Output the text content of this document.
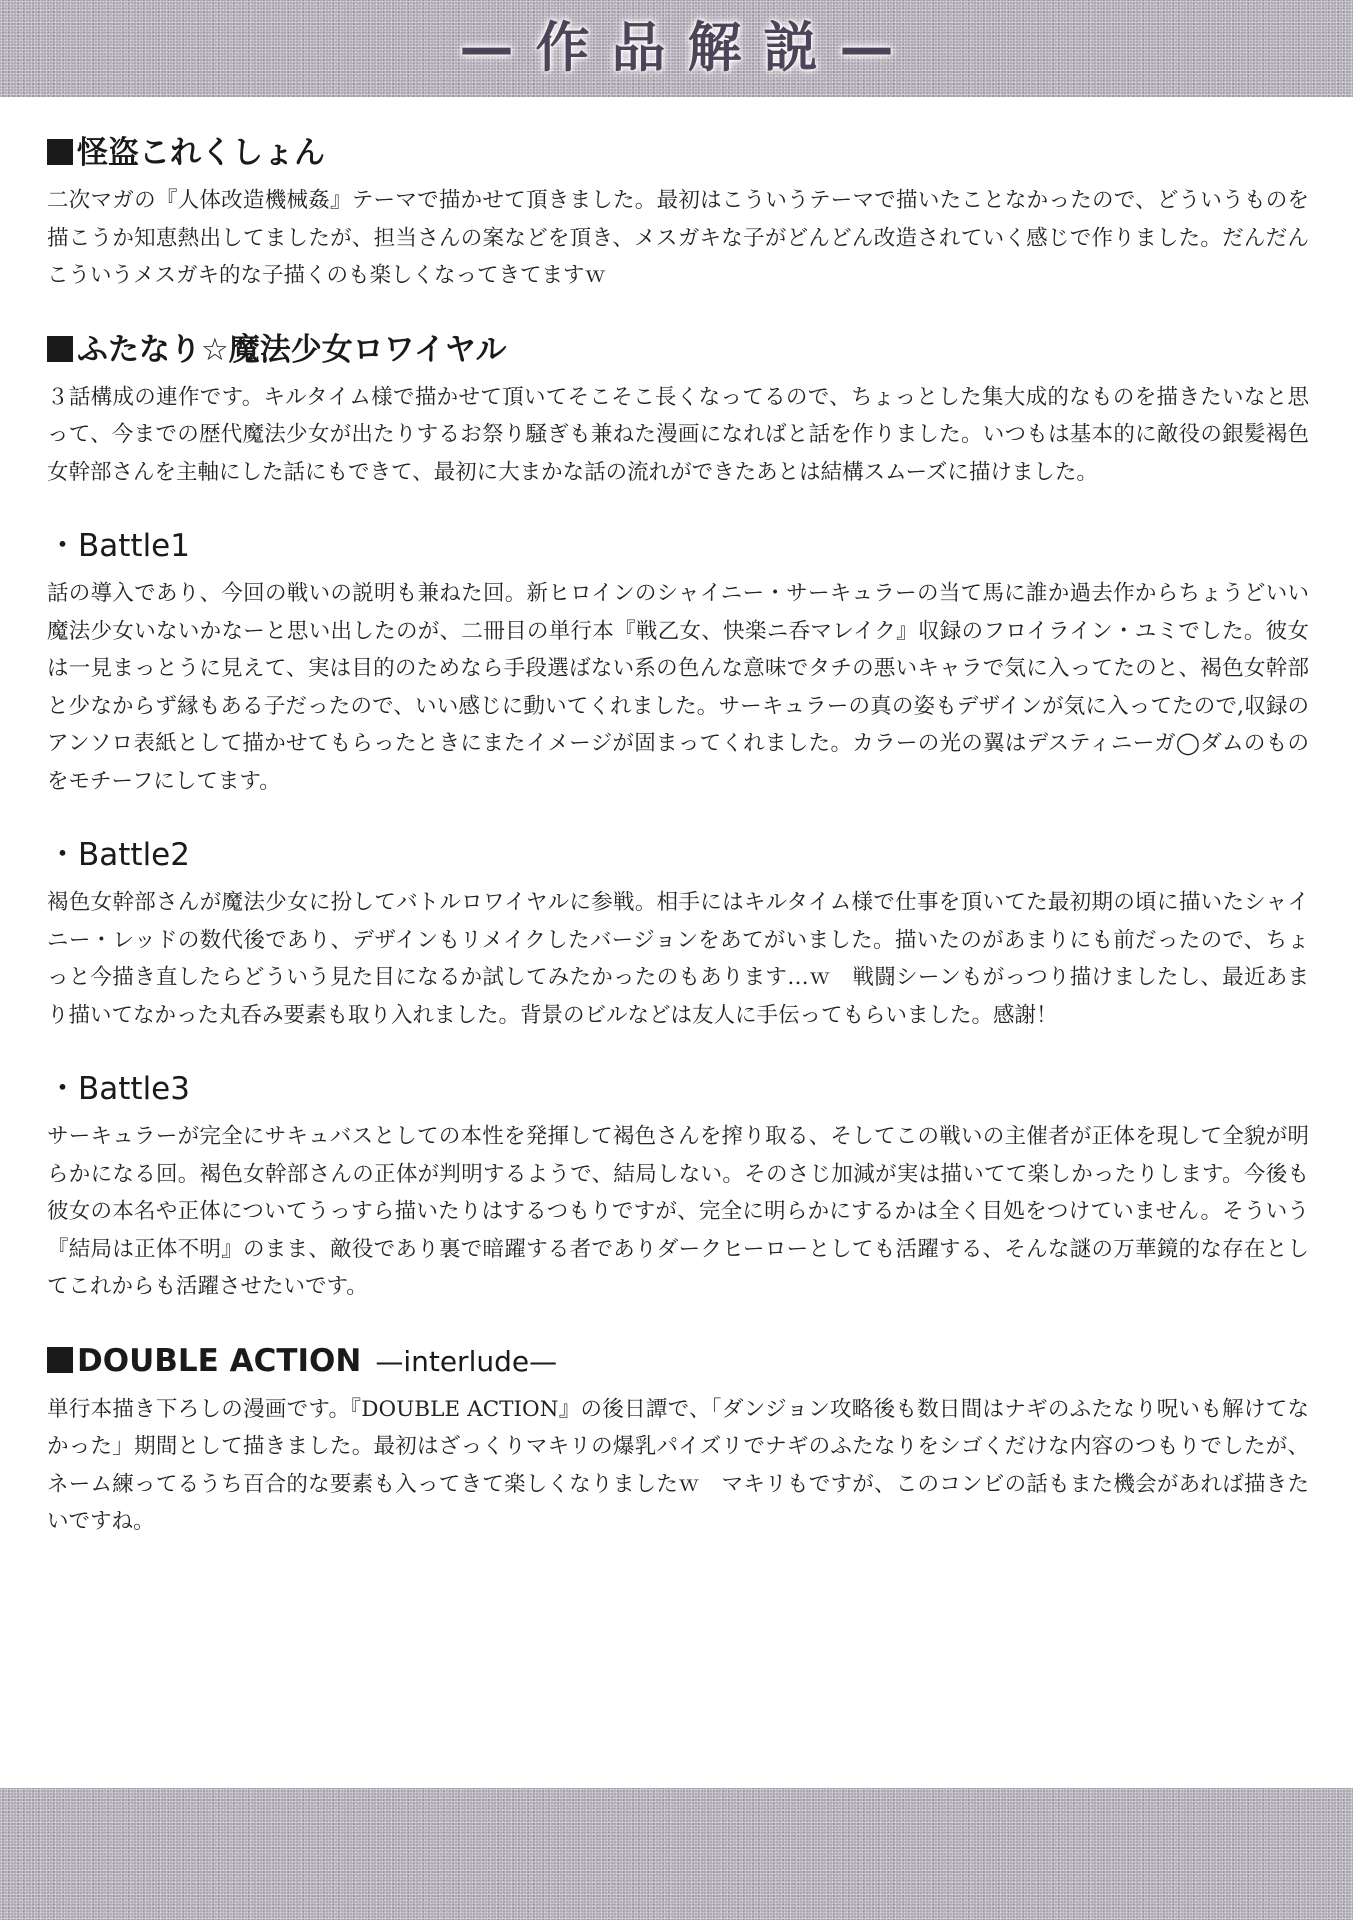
—作品解説—
怪盗これくしょん

二次マガの『人体改造機械姦』テーマで描かせて頂きました。最初はこういうテーマで描いたことなかったので、どういうものを描こうか知恵熱出してましたが、担当さんの案などを頂き、メスガキな子がどんどん改造されていく感じで作りました。だんだんこういうメスガキ的な子描くのも楽しくなってきてますｗ

ふたなり☆魔法少女ロワイヤル

３話構成の連作です。キルタイム様で描かせて頂いてそこそこ長くなってるので、ちょっとした集大成的なものを描きたいなと思って、今までの歴代魔法少女が出たりするお祭り騒ぎも兼ねた漫画になればと話を作りました。いつもは基本的に敵役の銀髪褐色女幹部さんを主軸にした話にもできて、最初に大まかな話の流れができたあとは結構スムーズに描けました。

・Battle1

話の導入であり、今回の戦いの説明も兼ねた回。新ヒロインのシャイニー・サーキュラーの当て馬に誰か過去作からちょうどいい魔法少女いないかなーと思い出したのが、二冊目の単行本『戦乙女、快楽ニ呑マレイク』収録のフロイライン・ユミでした。彼女は一見まっとうに見えて、実は目的のためなら手段選ばない系の色んな意味でタチの悪いキャラで気に入ってたのと、褐色女幹部と少なからず縁もある子だったので、いい感じに動いてくれました。サーキュラーの真の姿もデザインが気に入ってたので,収録のアンソロ表紙として描かせてもらったときにまたイメージが固まってくれました。カラーの光の翼はデスティニーガ◯ダムのものをモチーフにしてます。

・Battle2

褐色女幹部さんが魔法少女に扮してバトルロワイヤルに参戦。相手にはキルタイム様で仕事を頂いてた最初期の頃に描いたシャイニー・レッドの数代後であり、デザインもリメイクしたバージョンをあてがいました。描いたのがあまりにも前だったので、ちょっと今描き直したらどういう見た目になるか試してみたかったのもあります…ｗ　戦闘シーンもがっつり描けましたし、最近あまり描いてなかった丸呑み要素も取り入れました。背景のビルなどは友人に手伝ってもらいました。感謝！

・Battle3

サーキュラーが完全にサキュバスとしての本性を発揮して褐色さんを搾り取る、そしてこの戦いの主催者が正体を現して全貌が明らかになる回。褐色女幹部さんの正体が判明するようで、結局しない。そのさじ加減が実は描いてて楽しかったりします。今後も彼女の本名や正体についてうっすら描いたりはするつもりですが、完全に明らかにするかは全く目処をつけていません。そういう『結局は正体不明』のまま、敵役であり裏で暗躍する者でありダークヒーローとしても活躍する、そんな謎の万華鏡的な存在としてこれからも活躍させたいです。

DOUBLE ACTION —interlude—

単行本描き下ろしの漫画です。『DOUBLE ACTION』の後日譚で、「ダンジョン攻略後も数日間はナギのふたなり呪いも解けてなかった」期間として描きました。最初はざっくりマキリの爆乳パイズリでナギのふたなりをシゴくだけな内容のつもりでしたが、ネーム練ってるうち百合的な要素も入ってきて楽しくなりましたｗ　マキリもですが、このコンビの話もまた機会があれば描きたいですね。
